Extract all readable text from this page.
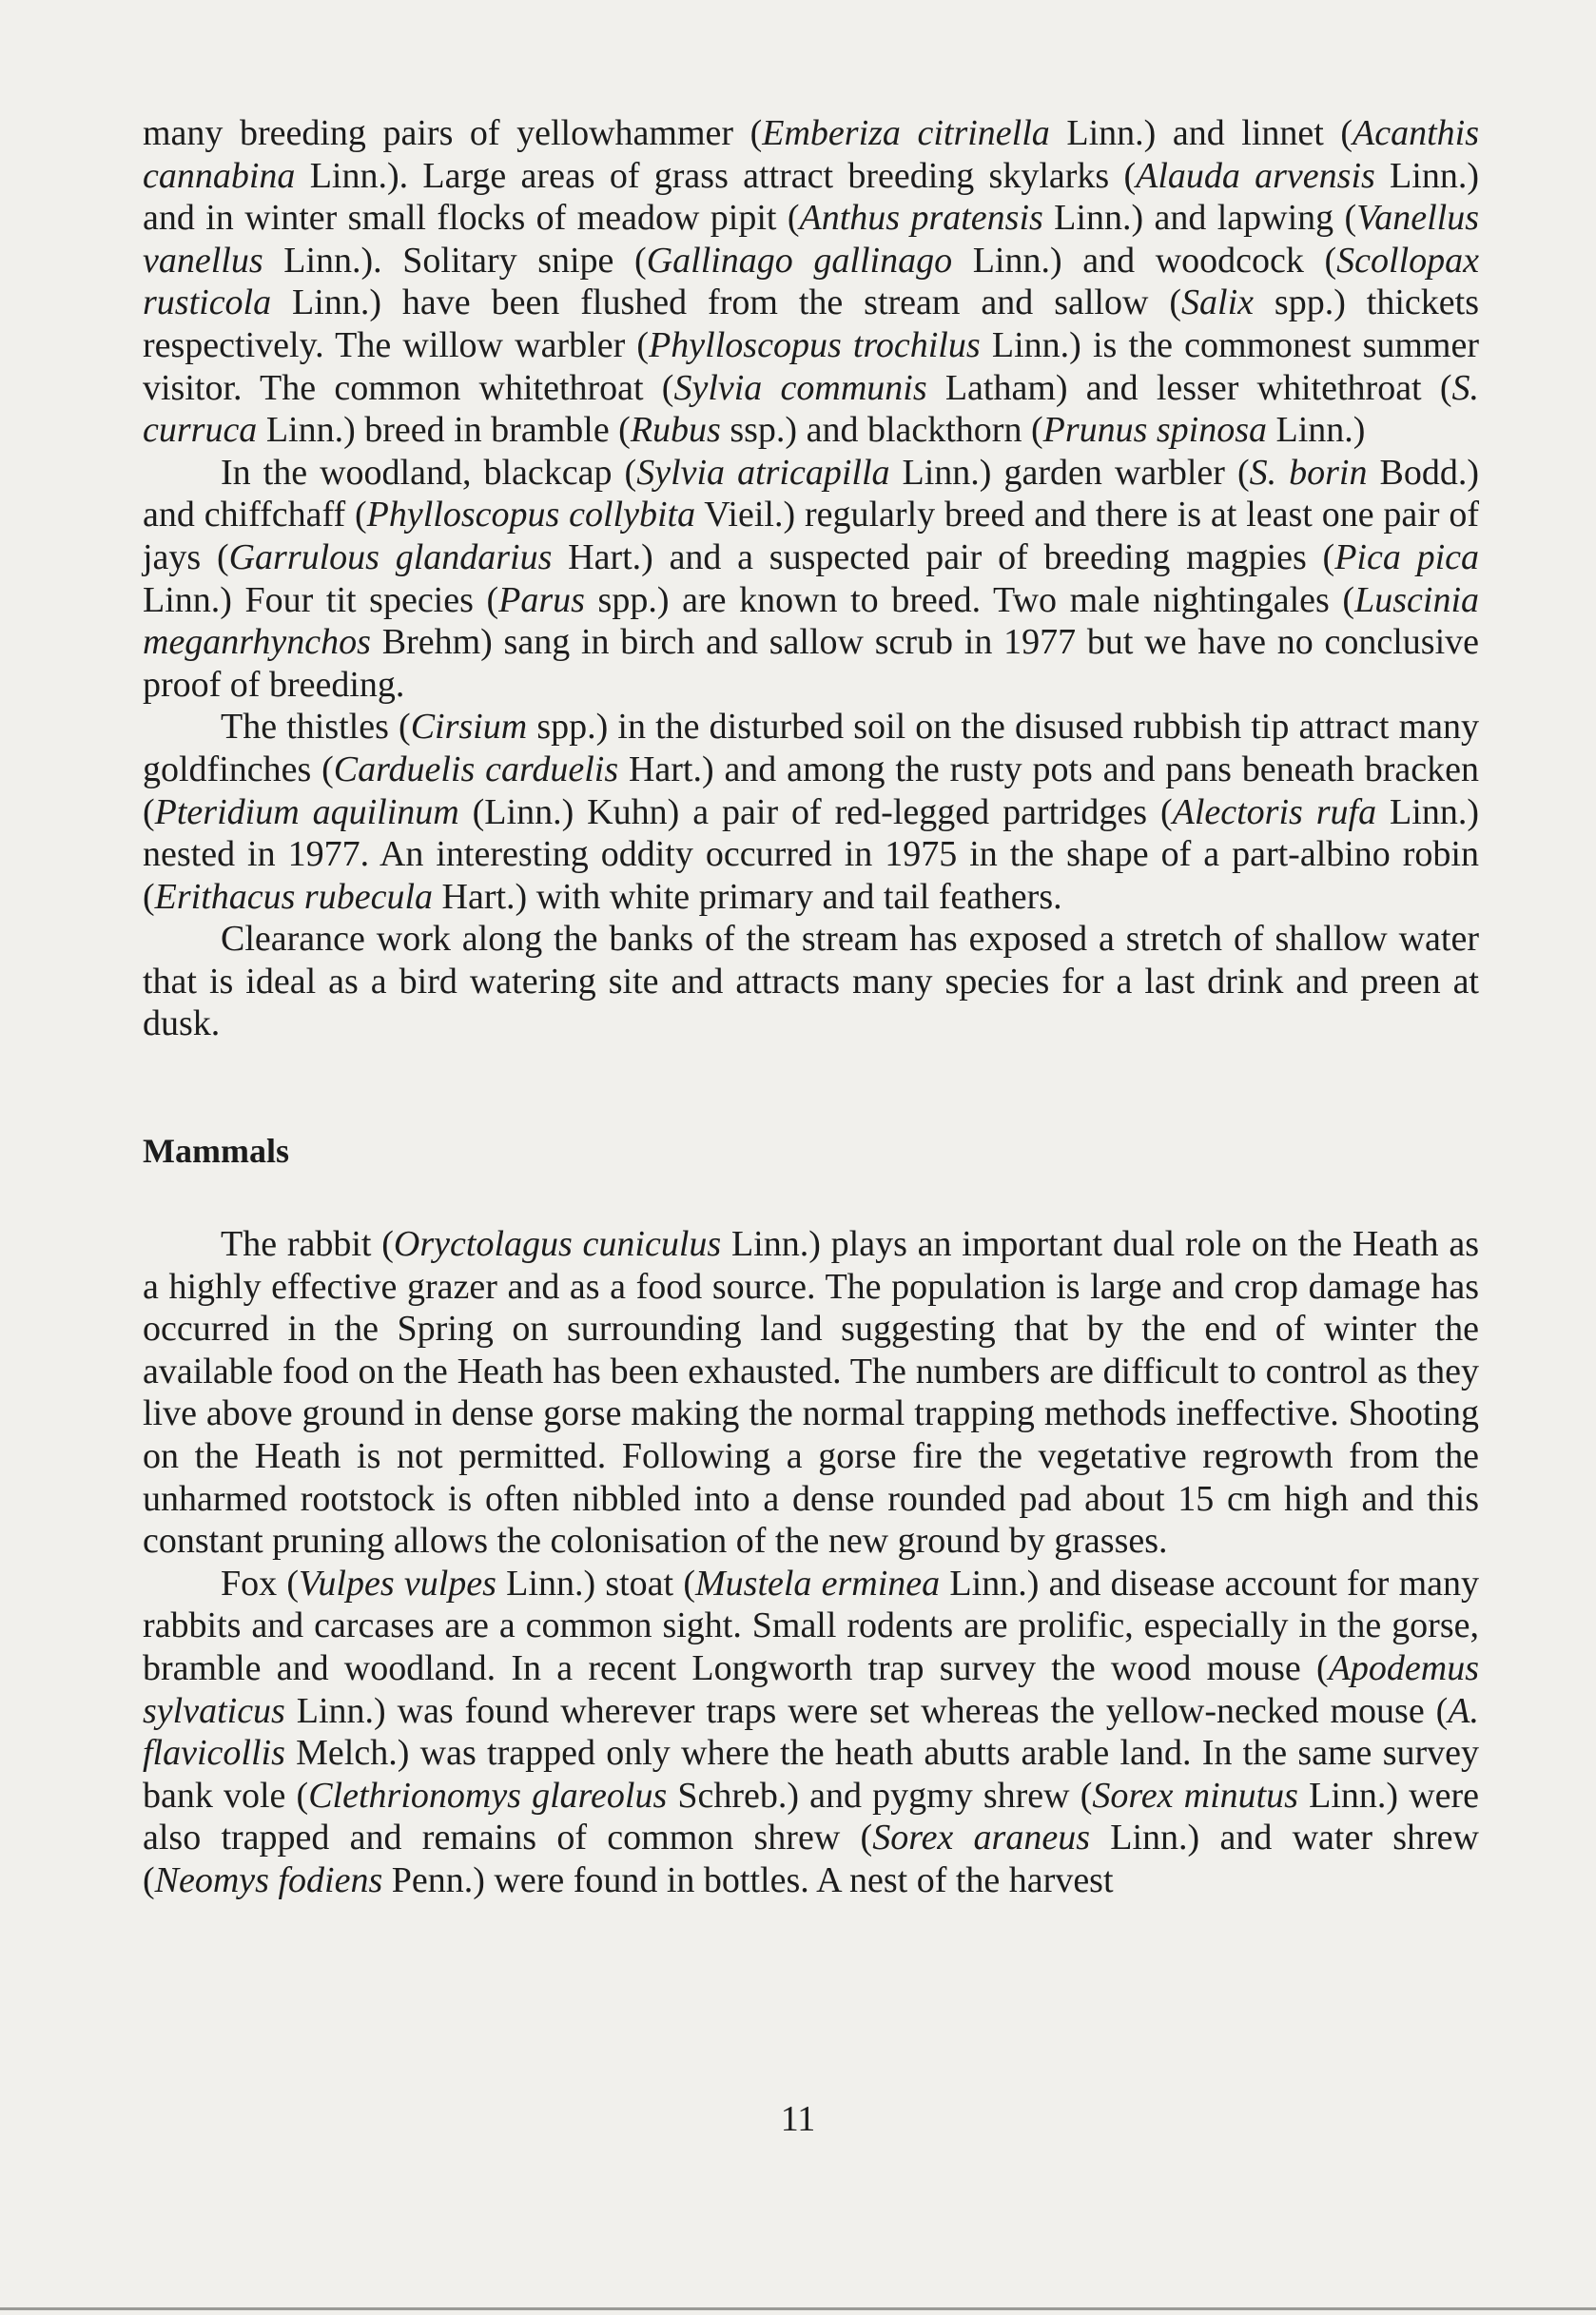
many breeding pairs of yellowhammer (Emberiza citrinella Linn.) and linnet (Acanthis cannabina Linn.). Large areas of grass attract breeding skylarks (Alauda arvensis Linn.) and in winter small flocks of meadow pipit (Anthus pratensis Linn.) and lapwing (Vanellus vanellus Linn.). Solitary snipe (Gallinago gallinago Linn.) and woodcock (Scollopax rusticola Linn.) have been flushed from the stream and sallow (Salix spp.) thickets respectively. The willow warbler (Phylloscopus trochilus Linn.) is the commonest summer visitor. The common whitethroat (Sylvia communis Latham) and lesser whitethroat (S. curruca Linn.) breed in bramble (Rubus ssp.) and blackthorn (Prunus spinosa Linn.)

In the woodland, blackcap (Sylvia atricapilla Linn.) garden warbler (S. borin Bodd.) and chiffchaff (Phylloscopus collybita Vieil.) regularly breed and there is at least one pair of jays (Garrulous glandarius Hart.) and a suspected pair of breeding magpies (Pica pica Linn.) Four tit species (Parus spp.) are known to breed. Two male nightingales (Luscinia meganrhynchos Brehm) sang in birch and sallow scrub in 1977 but we have no conclusive proof of breeding.

The thistles (Cirsium spp.) in the disturbed soil on the disused rubbish tip attract many goldfinches (Carduelis carduelis Hart.) and among the rusty pots and pans beneath bracken (Pteridium aquilinum (Linn.) Kuhn) a pair of red-legged partridges (Alectoris rufa Linn.) nested in 1977. An interesting oddity occurred in 1975 in the shape of a part-albino robin (Erithacus rubecula Hart.) with white primary and tail feathers.

Clearance work along the banks of the stream has exposed a stretch of shallow water that is ideal as a bird watering site and attracts many species for a last drink and preen at dusk.

Mammals

The rabbit (Oryctolagus cuniculus Linn.) plays an important dual role on the Heath as a highly effective grazer and as a food source. The population is large and crop damage has occurred in the Spring on surrounding land suggesting that by the end of winter the available food on the Heath has been exhausted. The numbers are difficult to control as they live above ground in dense gorse making the normal trapping methods ineffective. Shooting on the Heath is not permitted. Following a gorse fire the vegetative regrowth from the unharmed rootstock is often nibbled into a dense rounded pad about 15 cm high and this constant pruning allows the colonisation of the new ground by grasses.

Fox (Vulpes vulpes Linn.) stoat (Mustela erminea Linn.) and disease account for many rabbits and carcases are a common sight. Small rodents are prolific, especially in the gorse, bramble and woodland. In a recent Longworth trap survey the wood mouse (Apodemus sylvaticus Linn.) was found wherever traps were set whereas the yellow-necked mouse (A. flavicollis Melch.) was trapped only where the heath abutts arable land. In the same survey bank vole (Clethrionomys glareolus Schreb.) and pygmy shrew (Sorex minutus Linn.) were also trapped and remains of common shrew (Sorex araneus Linn.) and water shrew (Neomys fodiens Penn.) were found in bottles. A nest of the harvest

11
